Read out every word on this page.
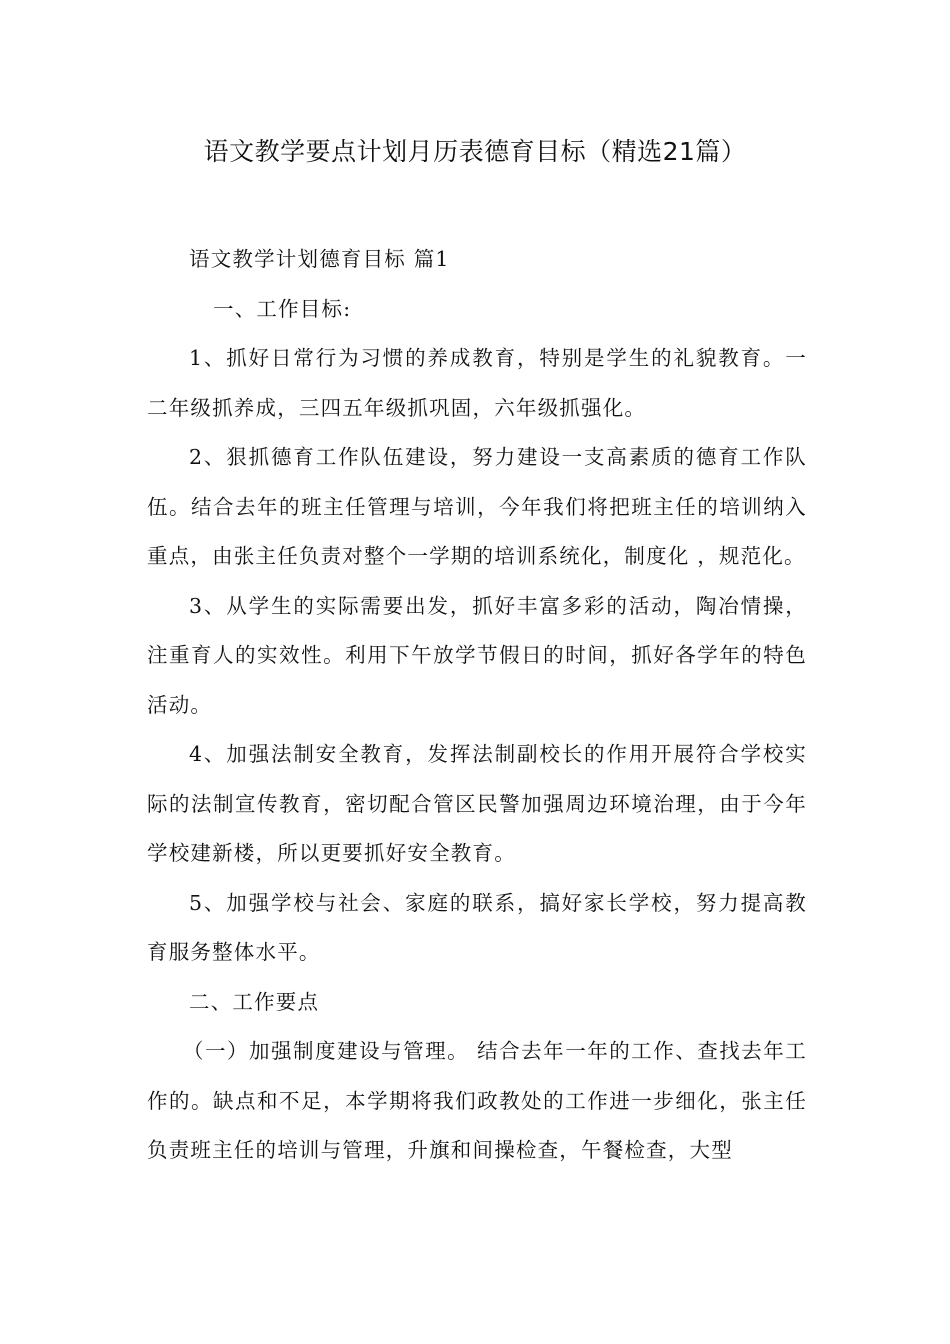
语文教学要点计划月历表德育目标（精选21篇）

语文教学计划德育目标 篇1

一、工作目标:

1、抓好日常行为习惯的养成教育，特别是学生的礼貌教育。一二年级抓养成，三四五年级抓巩固，六年级抓强化。

2、狠抓德育工作队伍建设，努力建设一支高素质的德育工作队伍。结合去年的班主任管理与培训，今年我们将把班主任的培训纳入重点，由张主任负责对整个一学期的培训系统化，制度化 ，规范化。

3、从学生的实际需要出发，抓好丰富多彩的活动，陶冶情操，注重育人的实效性。利用下午放学节假日的时间，抓好各学年的特色活动。

4、加强法制安全教育，发挥法制副校长的作用开展符合学校实际的法制宣传教育，密切配合管区民警加强周边环境治理，由于今年学校建新楼，所以更要抓好安全教育。

5、加强学校与社会、家庭的联系，搞好家长学校，努力提高教育服务整体水平。

二、工作要点

（一）加强制度建设与管理。 结合去年一年的工作、查找去年工作的。缺点和不足，本学期将我们政教处的工作进一步细化，张主任负责班主任的培训与管理，升旗和间操检查，午餐检查，大型
